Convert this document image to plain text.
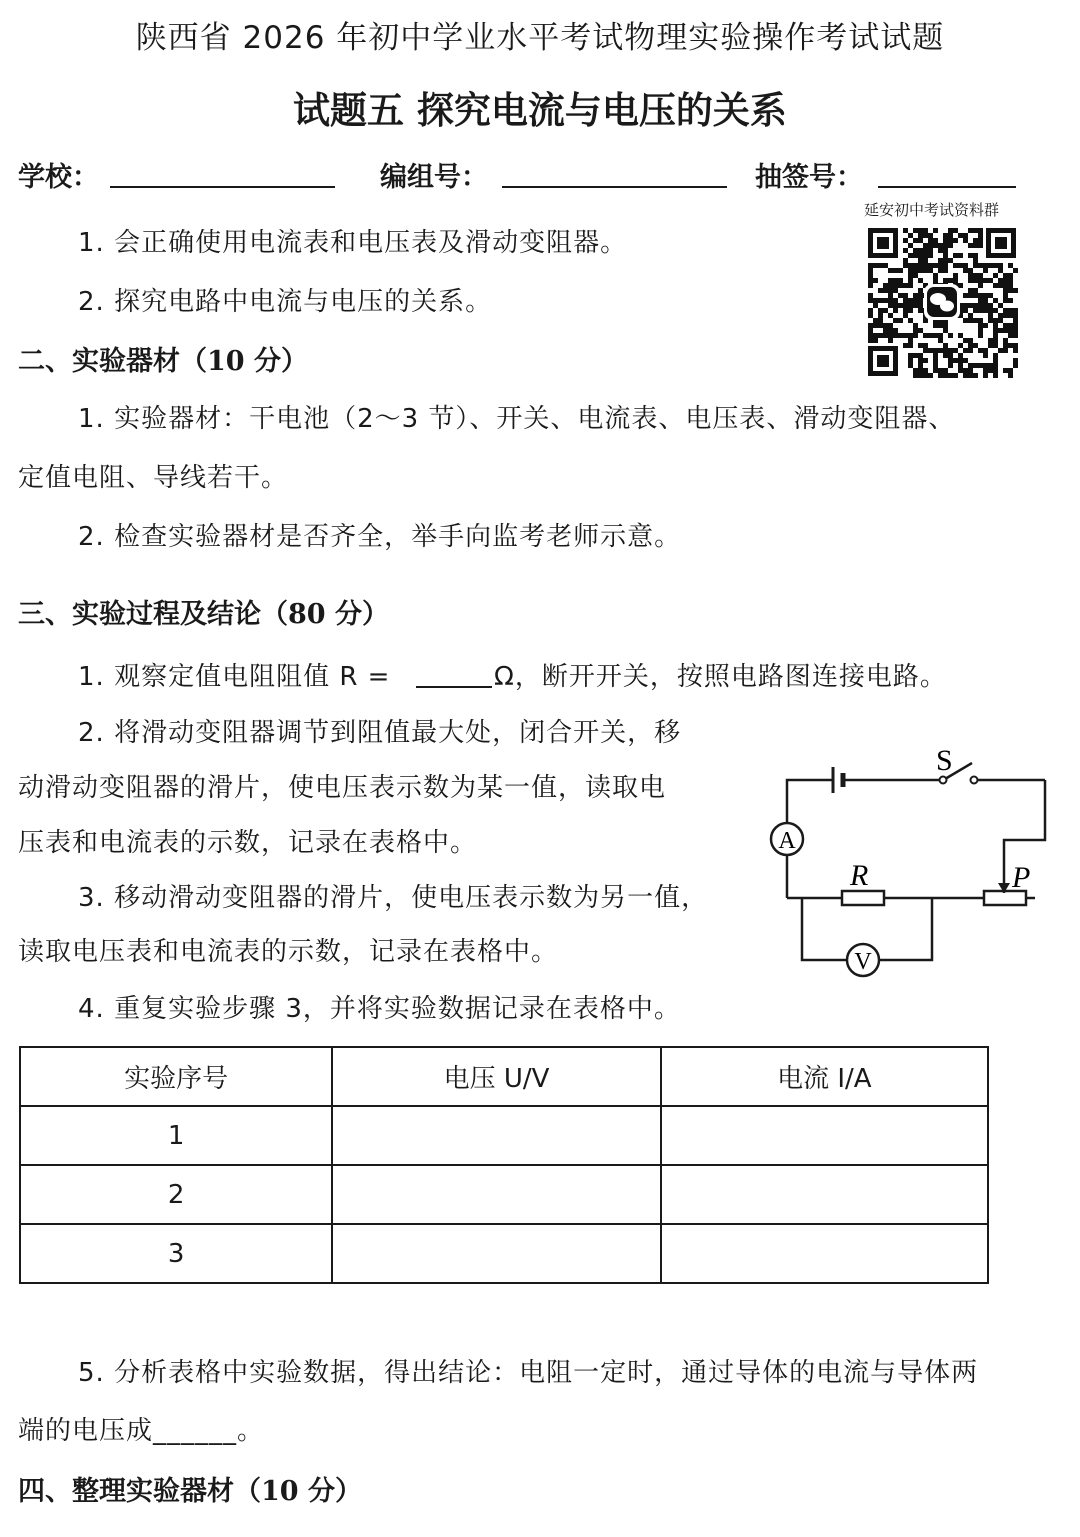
陕西省 2026 年初中学业水平考试物理实验操作考试试题
试题五 探究电流与电压的关系
学校：	编组号：	抽签号：
延安初中考试资料群
1. 会正确使用电流表和电压表及滑动变阻器。
2. 探究电路中电流与电压的关系。
二、实验器材（10 分）
1. 实验器材：干电池（2～3 节）、开关、电流表、电压表、滑动变阻器、
定值电阻、导线若干。
2. 检查实验器材是否齐全，举手向监考老师示意。
三、实验过程及结论（80 分）
1. 观察定值电阻阻值 R =	Ω，断开开关，按照电路图连接电路。
2. 将滑动变阻器调节到阻值最大处，闭合开关，移
动滑动变阻器的滑片，使电压表示数为某一值，读取电
压表和电流表的示数，记录在表格中。
3. 移动滑动变阻器的滑片，使电压表示数为另一值，
读取电压表和电流表的示数，记录在表格中。
4. 重复实验步骤 3，并将实验数据记录在表格中。
A
V
S
R	P
实验序号	电压 U/V	电流 I/A
1		
2		
3		
5. 分析表格中实验数据，得出结论：电阻一定时，通过导体的电流与导体两
端的电压成______。
四、整理实验器材（10 分）
